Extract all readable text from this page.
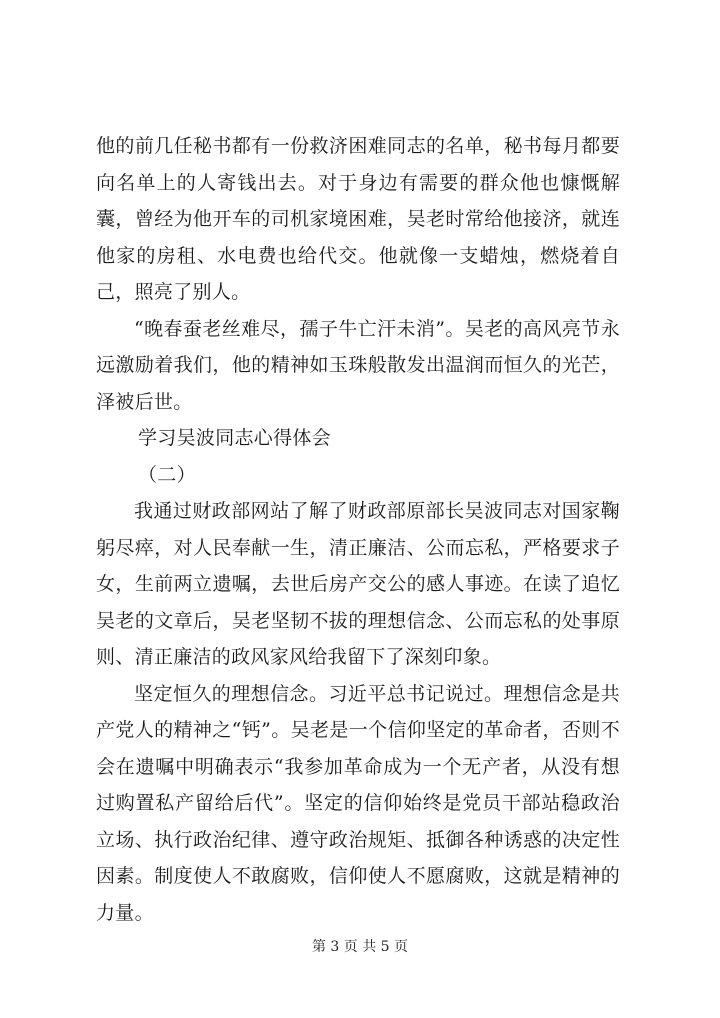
他的前几任秘书都有一份救济困难同志的名单，秘书每月都要向名单上的人寄钱出去。对于身边有需要的群众他也慷慨解囊，曾经为他开车的司机家境困难，吴老时常给他接济，就连他家的房租、水电费也给代交。他就像一支蜡烛，燃烧着自己，照亮了别人。

“晚春蚕老丝难尽，孺子牛亡汗未消”。吴老的高风亮节永远激励着我们，他的精神如玉珠般散发出温润而恒久的光芒，泽被后世。

学习吴波同志心得体会

（二）

我通过财政部网站了解了财政部原部长吴波同志对国家鞠躬尽瘁，对人民奉献一生，清正廉洁、公而忘私，严格要求子女，生前两立遗嘱，去世后房产交公的感人事迹。在读了追忆吴老的文章后，吴老坚韧不拔的理想信念、公而忘私的处事原则、清正廉洁的政风家风给我留下了深刻印象。

坚定恒久的理想信念。习近平总书记说过。理想信念是共产党人的精神之“钙”。吴老是一个信仰坚定的革命者，否则不会在遗嘱中明确表示“我参加革命成为一个无产者，从没有想过购置私产留给后代”。坚定的信仰始终是党员干部站稳政治立场、执行政治纪律、遵守政治规矩、抵御各种诱惑的决定性因素。制度使人不敢腐败，信仰使人不愿腐败，这就是精神的力量。

第 3 页 共 5 页
